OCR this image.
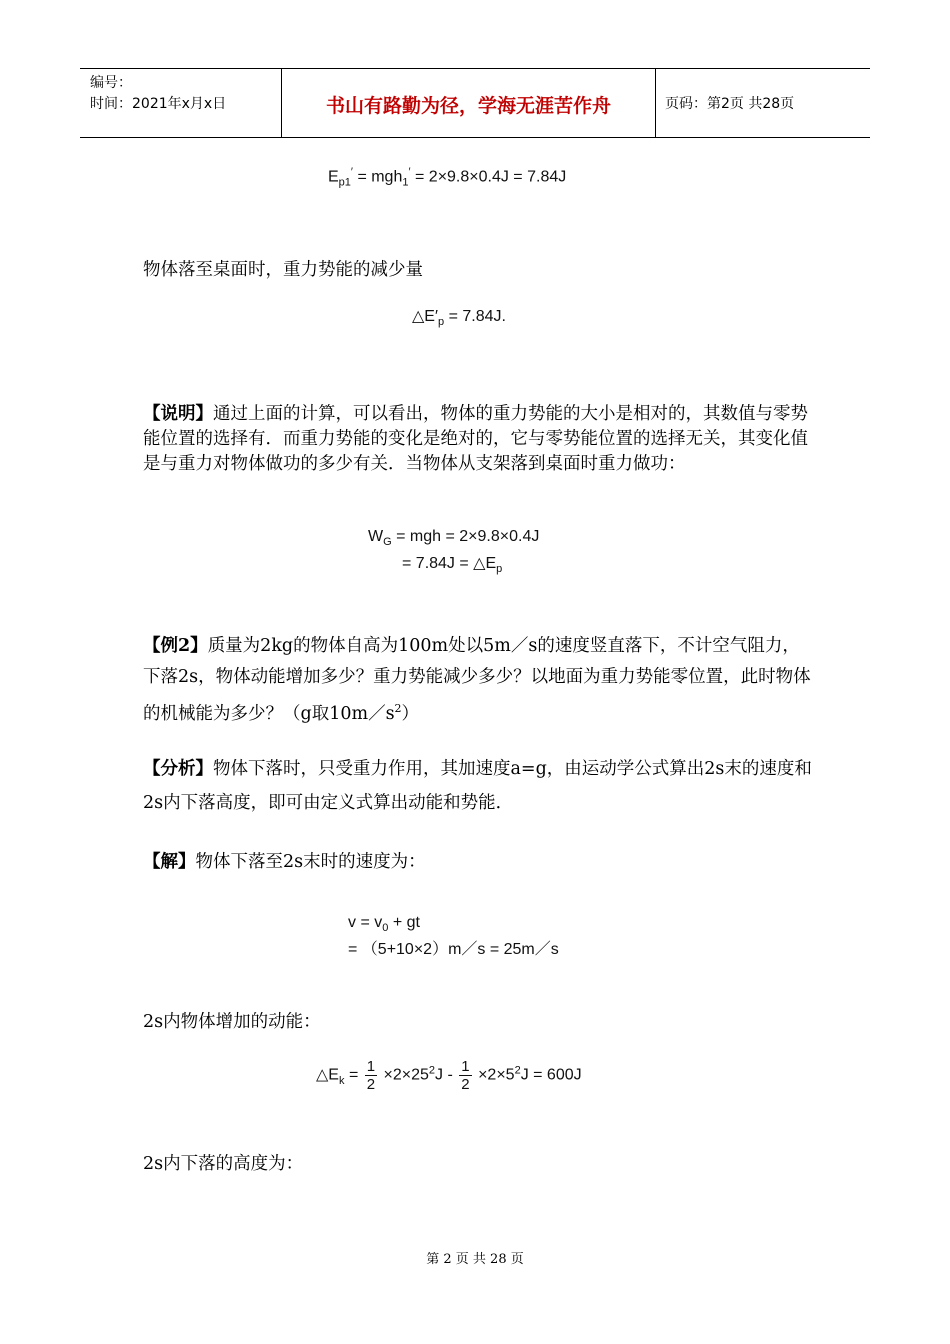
编号：
时间：2021年x月x日	书山有路勤为径，学海无涯苦作舟	页码：第2页 共28页
$E_{p1}' = mgh_1' = 2\times 9.8\times 0.4J = 7.84J$
物体落至桌面时，重力势能的减少量
$\triangle E'_p = 7.84J$.
【说明】通过上面的计算，可以看出，物体的重力势能的大小是相对的，其数值与零势能位置的选择有．而重力势能的变化是绝对的，它与零势能位置的选择无关，其变化值是与重力对物体做功的多少有关．当物体从支架落到桌面时重力做功：
$W_G$ = mgh = 2×9.8×0.4J
= $7.84J = \triangle E_p$
【例2】质量为2kg的物体自高为100m处以5m／s的速度竖直落下，不计空气阻力，下落2s，物体动能增加多少？重力势能减少多少？以地面为重力势能零位置，此时物体的机械能为多少？（g取$10m/s^2$）
【分析】物体下落时，只受重力作用，其加速度a=g，由运动学公式算出2s末的速度和2s内下落高度，即可由定义式算出动能和势能．
【解】物体下落至2s末时的速度为：
$v = v_0$ + gt
= （5+10×2）m／s = 25m／s
2s内物体增加的动能：
$\triangle E_k = \frac{1}{2} \times 2\times 25^2J - \frac{1}{2} \times 2\times 5^2J = 600J$
2s内下落的高度为：
第 2 页 共 28 页
